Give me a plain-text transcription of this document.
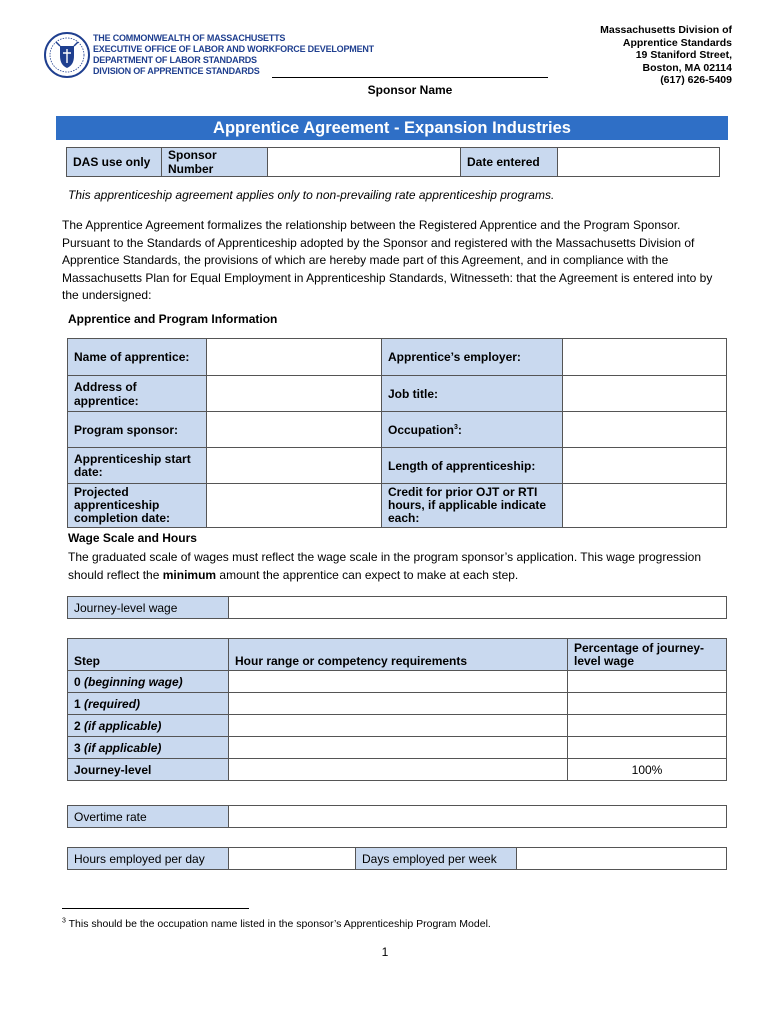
THE COMMONWEALTH OF MASSACHUSETTS
EXECUTIVE OFFICE OF LABOR AND WORKFORCE DEVELOPMENT
DEPARTMENT OF LABOR STANDARDS
DIVISION OF APPRENTICE STANDARDS
Massachusetts Division of
Apprentice Standards
19 Staniford Street,
Boston, MA 02114
(617) 626-5409
Sponsor Name
Apprentice Agreement - Expansion Industries
DAS use only	Sponsor Number		Date entered	
This apprenticeship agreement applies only to non-prevailing rate apprenticeship programs.
The Apprentice Agreement formalizes the relationship between the Registered Apprentice and the Program Sponsor. Pursuant to the Standards of Apprenticeship adopted by the Sponsor and registered with the Massachusetts Division of Apprentice Standards, the provisions of which are hereby made part of this Agreement, and in compliance with the Massachusetts Plan for Equal Employment in Apprenticeship Standards, Witnesseth: that the Agreement is entered into by the undersigned:
Apprentice and Program Information
Name of apprentice:		Apprentice’s employer:	
Address of apprentice:		Job title:	
Program sponsor:		Occupation$^3$:	
Apprenticeship start date:		Length of apprenticeship:	
Projected apprenticeship completion date:		Credit for prior OJT or RTI hours, if applicable indicate each:	
Wage Scale and Hours
The graduated scale of wages must reflect the wage scale in the program sponsor’s application. This wage progression should reflect the minimum amount the apprentice can expect to make at each step.
Journey-level wage	
Step	Hour range or competency requirements	Percentage of journey-level wage
0 (beginning wage)		
1 (required)		
2 (if applicable)		
3 (if applicable)		
Journey-level		100%
Overtime rate	
Hours employed per day		Days employed per week	
$^3$ This should be the occupation name listed in the sponsor’s Apprenticeship Program Model.
1
